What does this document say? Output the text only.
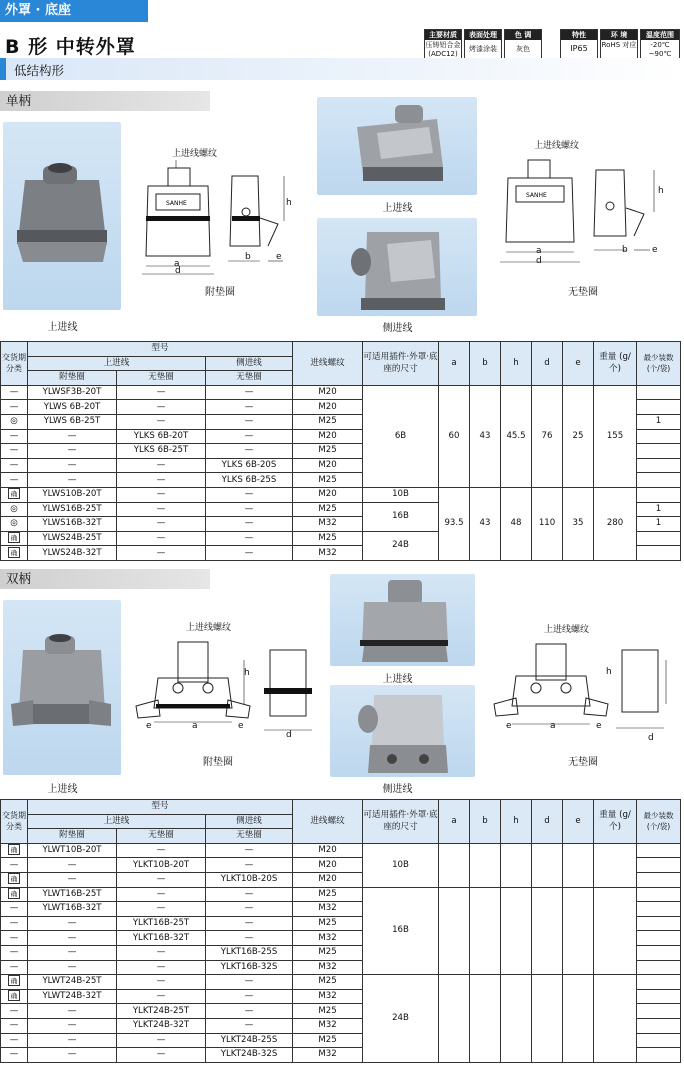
外罩 · 底座
B 形 中转外罩
主要材质
压铸铝合金 (ADC12)
表面处理
烤漆涂装
色 调
灰色
特性
IP65
环 境
RoHS 对应
温度范围
-20℃ ~90℃
低结构形
单柄
上进线
SANHE
上进线螺纹
a
d
b	e
h
附垫圈
上进线
侧进线
SANHE
上进线螺纹
a
d
b	e
h
无垫圈
交货期分类	型号			进线螺纹	可适用插件·外罩·底座的尺寸	a	b	h	d	e	重量 (g/个)	最少装数 (个/袋)
	上进线		侧进线									
	附垫圈	无垫圈	无垫圈									
—	YLWSF3B-20T	—	—	M20	6B	60	43	45.5	76	25	155	
—	YLWS 6B-20T	—	—	M20								
◎	YLWS 6B-25T	—	—	M25								1
—	—	YLKS 6B-20T	—	M20								
—	—	YLKS 6B-25T	—	M25								
—	—	—	YLKS 6B-20S	M20								
—	—	—	YLKS 6B-25S	M25								
确	YLWS10B-20T	—	—	M20	10B	93.5	43	48	110	35	280	
◎	YLWS16B-25T	—	—	M25	16B							1
◎	YLWS16B-32T	—	—	M32								1
确	YLWS24B-25T	—	—	M25	24B							
确	YLWS24B-32T	—	—	M32								
双柄
上进线
上进线螺纹
e	a	e
h
d
附垫圈
上进线
侧进线
上进线螺纹
e	a	e
h
d
无垫圈
交货期分类	型号			进线螺纹	可适用插件·外罩·底座的尺寸	a	b	h	d	e	重量 (g/个)	最少装数 (个/袋)
	上进线		侧进线									
	附垫圈	无垫圈	无垫圈									
确	YLWT10B-20T	—	—	M20	10B							
—	—	YLKT10B-20T	—	M20								
确	—	—	YLKT10B-20S	M20								
确	YLWT16B-25T	—	—	M25	16B							
—	YLWT16B-32T	—	—	M32								
—	—	YLKT16B-25T	—	M25								
—	—	YLKT16B-32T	—	M32								
—	—	—	YLKT16B-25S	M25								
—	—	—	YLKT16B-32S	M32								
确	YLWT24B-25T	—	—	M25	24B							
确	YLWT24B-32T	—	—	M32								
—	—	YLKT24B-25T	—	M25								
—	—	YLKT24B-32T	—	M32								
—	—	—	YLKT24B-25S	M25								
—	—	—	YLKT24B-32S	M32								
